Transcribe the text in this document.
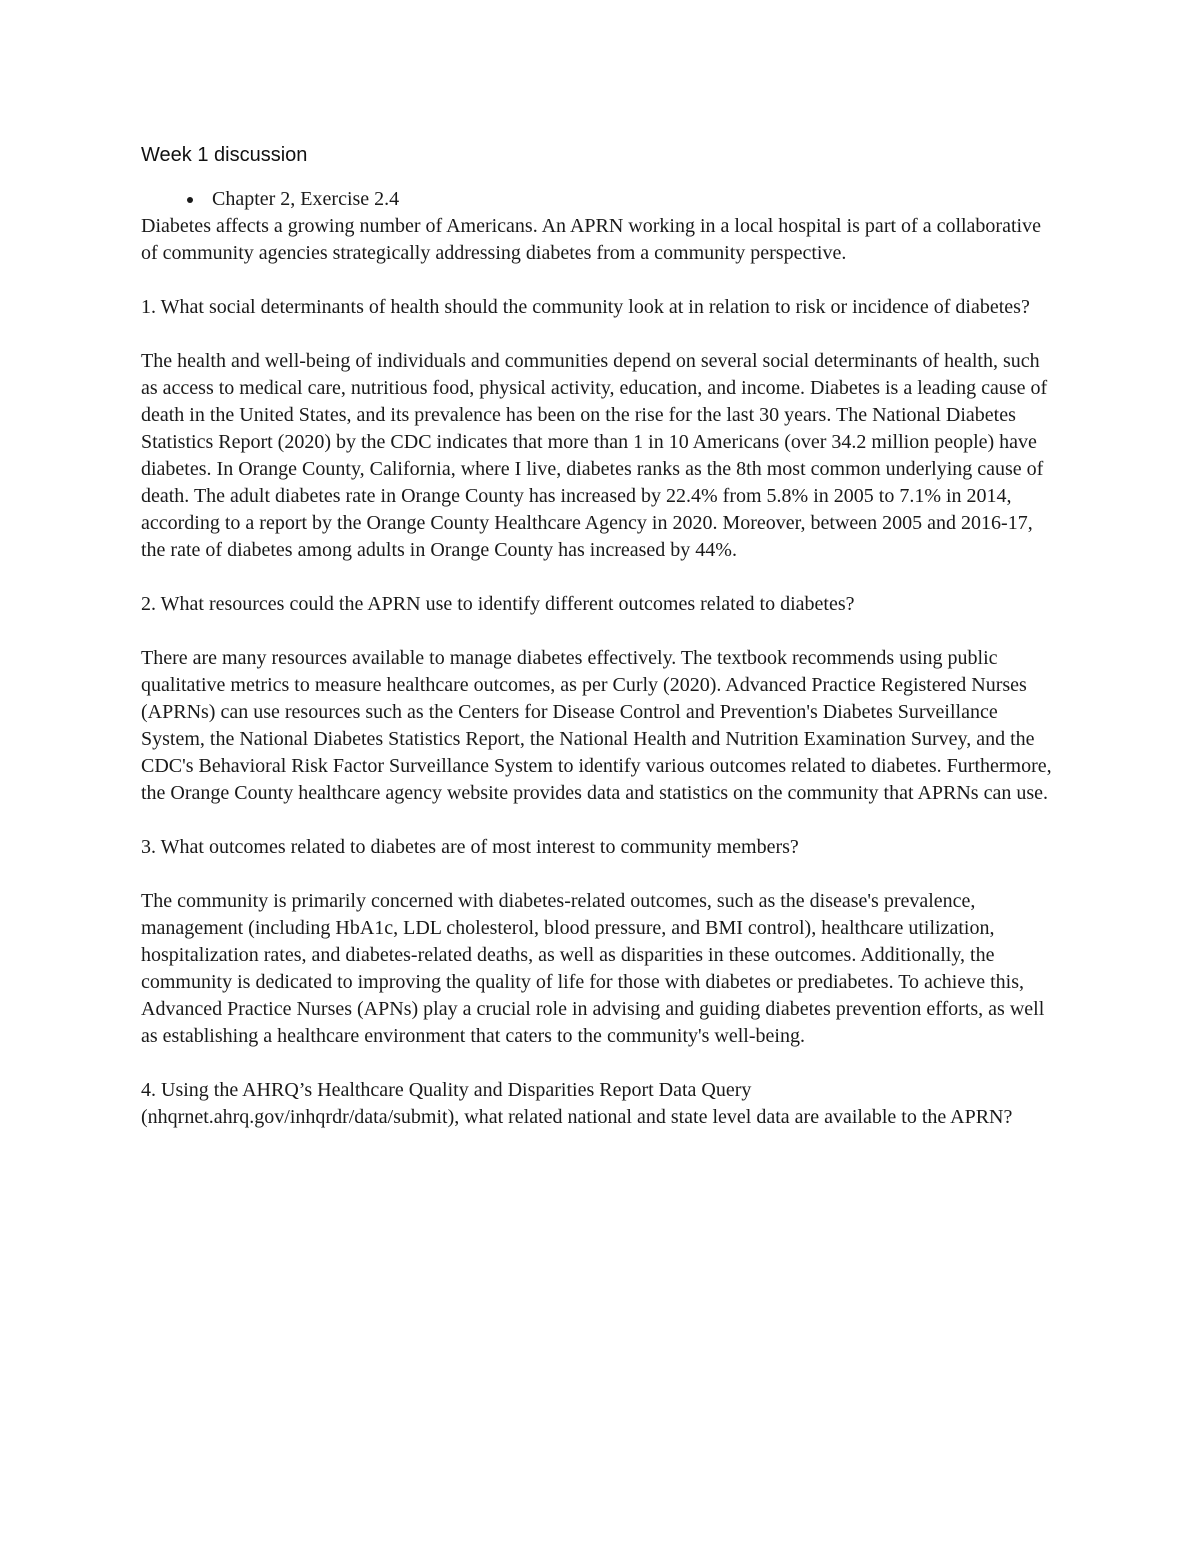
Week 1 discussion
Chapter 2, Exercise 2.4

Diabetes affects a growing number of Americans. An APRN working in a local hospital is part of a collaborative of community agencies strategically addressing diabetes from a community perspective.

1. What social determinants of health should the community look at in relation to risk or incidence of diabetes?

The health and well-being of individuals and communities depend on several social determinants of health, such as access to medical care, nutritious food, physical activity, education, and income. Diabetes is a leading cause of death in the United States, and its prevalence has been on the rise for the last 30 years. The National Diabetes Statistics Report (2020) by the CDC indicates that more than 1 in 10 Americans (over 34.2 million people) have diabetes. In Orange County, California, where I live, diabetes ranks as the 8th most common underlying cause of death. The adult diabetes rate in Orange County has increased by 22.4% from 5.8% in 2005 to 7.1% in 2014, according to a report by the Orange County Healthcare Agency in 2020. Moreover, between 2005 and 2016-17, the rate of diabetes among adults in Orange County has increased by 44%.

2. What resources could the APRN use to identify different outcomes related to diabetes?

There are many resources available to manage diabetes effectively. The textbook recommends using public qualitative metrics to measure healthcare outcomes, as per Curly (2020). Advanced Practice Registered Nurses (APRNs) can use resources such as the Centers for Disease Control and Prevention's Diabetes Surveillance System, the National Diabetes Statistics Report, the National Health and Nutrition Examination Survey, and the CDC's Behavioral Risk Factor Surveillance System to identify various outcomes related to diabetes. Furthermore, the Orange County healthcare agency website provides data and statistics on the community that APRNs can use.

3. What outcomes related to diabetes are of most interest to community members?

The community is primarily concerned with diabetes-related outcomes, such as the disease's prevalence, management (including HbA1c, LDL cholesterol, blood pressure, and BMI control), healthcare utilization, hospitalization rates, and diabetes-related deaths, as well as disparities in these outcomes. Additionally, the community is dedicated to improving the quality of life for those with diabetes or prediabetes. To achieve this, Advanced Practice Nurses (APNs) play a crucial role in advising and guiding diabetes prevention efforts, as well as establishing a healthcare environment that caters to the community's well-being.

4. Using the AHRQ’s Healthcare Quality and Disparities Report Data Query (nhqrnet.ahrq.gov/inhqrdr/data/submit), what related national and state level data are available to the APRN?
